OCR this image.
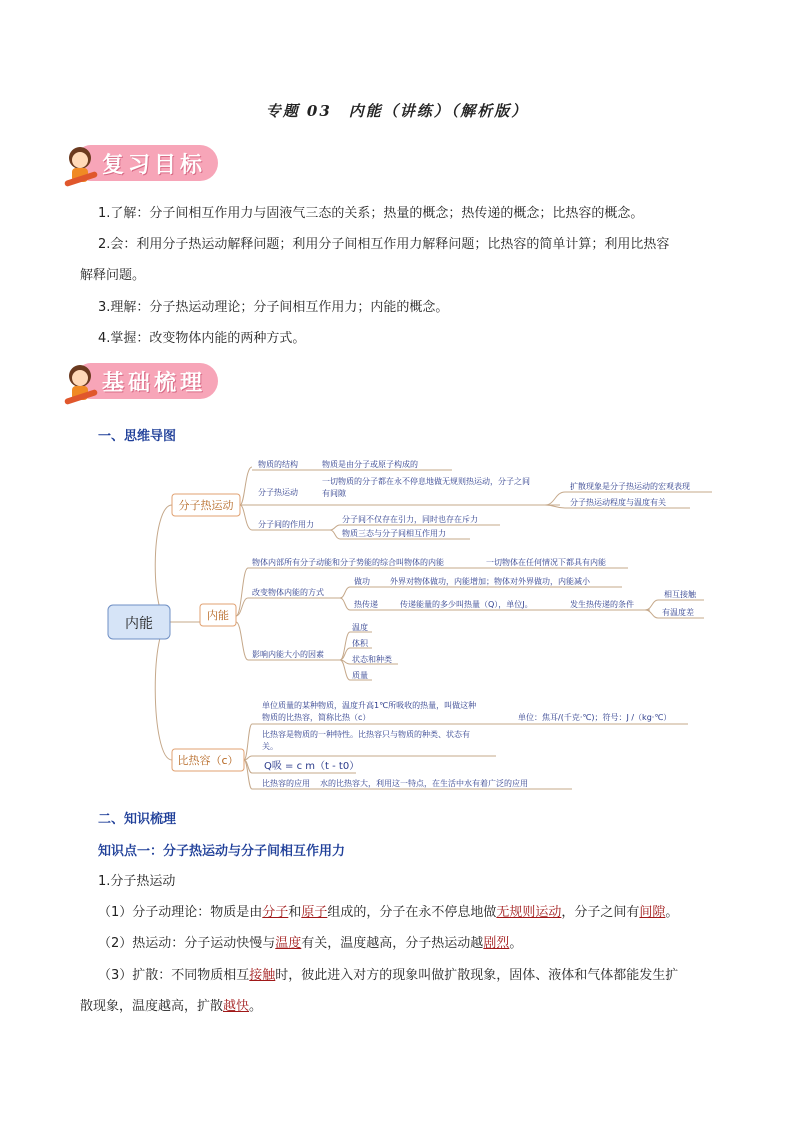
专题 03　内能（讲练）（解析版）
复习目标
1.了解：分子间相互作用力与固液气三态的关系；热量的概念；热传递的概念；比热容的概念。
2.会：利用分子热运动解释问题；利用分子间相互作用力解释问题；比热容的简单计算；利用比热容
解释问题。
3.理解：分子热运动理论；分子间相互作用力；内能的概念。
4.掌握：改变物体内能的两种方式。
基础梳理
一、思维导图
内能
分子热运动
内能
比热容（c）
物质的结构	物质是由分子或原子构成的
分子热运动
一切物质的分子都在永不停息地做无规则热运动，分子之间
有间隙
扩散现象是分子热运动的宏观表现
分子热运动程度与温度有关
分子间的作用力
分子间不仅存在引力，同时也存在斥力
物质三态与分子间相互作用力
物体内部所有分子动能和分子势能的综合叫物体的内能	一切物体在任何情况下都具有内能
改变物体内能的方式
做功	外界对物体做功，内能增加；物体对外界做功，内能减小
热传递	传递能量的多少叫热量（Q），单位J。	发生热传递的条件
相互接触
有温度差
影响内能大小的因素
温度
体积
状态和种类
质量
单位质量的某种物质，温度升高1℃所吸收的热量，叫做这种
物质的比热容，简称比热（c）	单位：焦耳/(千克·℃)；符号：J /（kg·℃）
比热容是物质的一种特性。比热容只与物质的种类、状态有
关。
比热容的应用 水的比热容大，利用这一特点，在生活中水有着广泛的应用
Q吸 = c m（t - t0）
二、知识梳理
知识点一：分子热运动与分子间相互作用力
1.分子热运动
（1）分子动理论：物质是由分子和原子组成的，分子在永不停息地做无规则运动，分子之间有间隙。
（2）热运动：分子运动快慢与温度有关，温度越高，分子热运动越剧烈。
（3）扩散：不同物质相互接触时，彼此进入对方的现象叫做扩散现象，固体、液体和气体都能发生扩
散现象，温度越高，扩散越快。
